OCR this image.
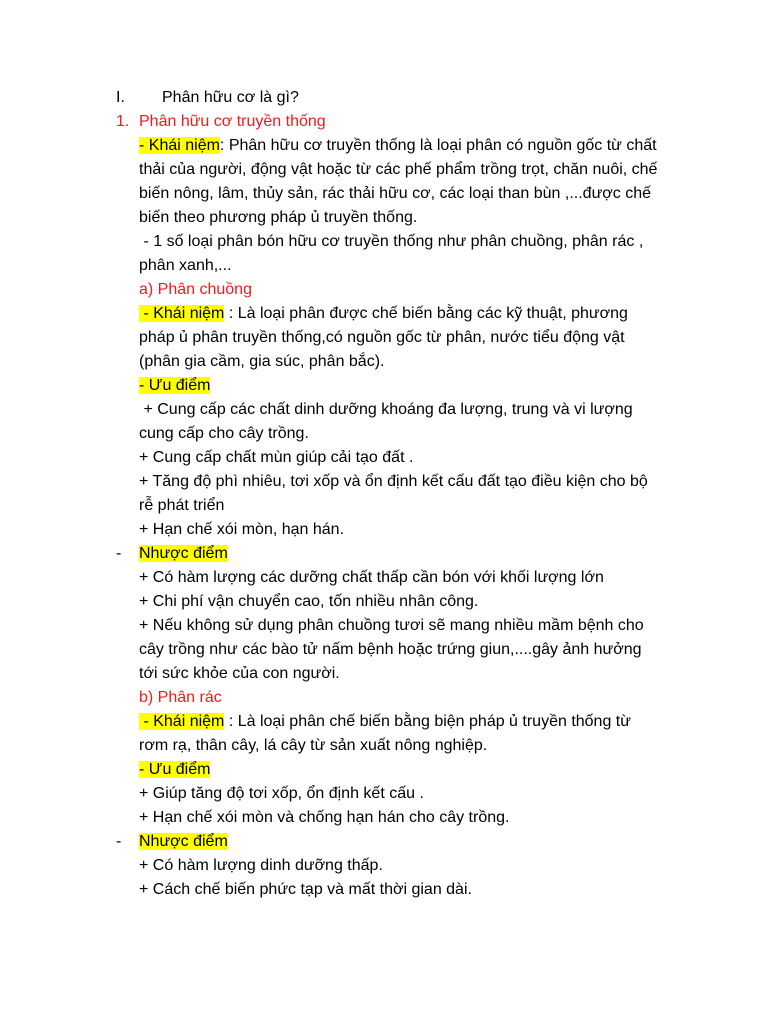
I. Phân hữu cơ là gì?
1. Phân hữu cơ truyền thống
- Khái niệm: Phân hữu cơ truyền thống là loại phân có nguồn gốc từ chất
thải của người, động vật hoặc từ các phế phẩm trồng trọt, chăn nuôi, chế
biến nông, lâm, thủy sản, rác thải hữu cơ, các loại than bùn ,...được chế
biến theo phương pháp ủ truyền thống.
- 1 số loại phân bón hữu cơ truyền thống như phân chuồng, phân rác ,
phân xanh,...
a) Phân chuồng
- Khái niệm : Là loại phân được chế biến bằng các kỹ thuật, phương
pháp ủ phân truyền thống,có nguồn gốc từ phân, nước tiểu động vật
(phân gia cầm, gia súc, phân bắc).
- Ưu điểm
+ Cung cấp các chất dinh dưỡng khoáng đa lượng, trung và vi lượng
cung cấp cho cây trồng.
+ Cung cấp chất mùn giúp cải tạo đất .
+ Tăng độ phì nhiêu, tơi xốp và ổn định kết cấu đất tạo điều kiện cho bộ
rễ phát triển
+ Hạn chế xói mòn, hạn hán.
- Nhược điểm
+ Có hàm lượng các dưỡng chất thấp cần bón với khối lượng lớn
+ Chi phí vận chuyển cao, tốn nhiều nhân công.
+ Nếu không sử dụng phân chuồng tươi sẽ mang nhiều mầm bệnh cho
cây trồng như các bào tử nấm bệnh hoặc trứng giun,....gây ảnh hưởng
tới sức khỏe của con người.
b) Phân rác
- Khái niệm : Là loại phân chế biến bằng biện pháp ủ truyền thống từ
rơm rạ, thân cây, lá cây từ sản xuất nông nghiệp.
- Ưu điểm
+ Giúp tăng độ tơi xốp, ổn định kết cấu .
+ Hạn chế xói mòn và chống hạn hán cho cây trồng.
- Nhược điểm
+ Có hàm lượng dinh dưỡng thấp.
+ Cách chế biến phức tạp và mất thời gian dài.
